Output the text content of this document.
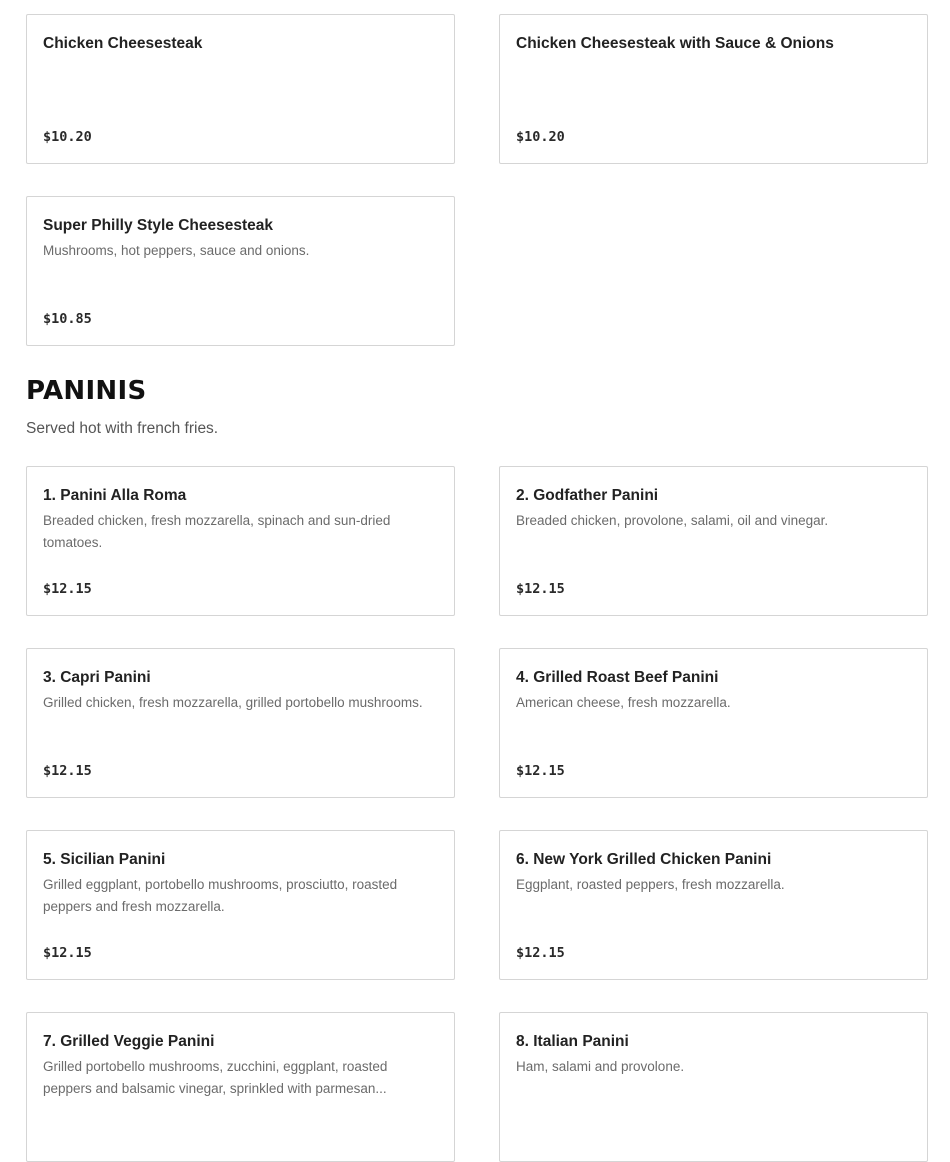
Chicken Cheesesteak
$10.20
Chicken Cheesesteak with Sauce & Onions
$10.20
Super Philly Style Cheesesteak
Mushrooms, hot peppers, sauce and onions.
$10.85
PANINIS

Served hot with french fries.

1. Panini Alla Roma
Breaded chicken, fresh mozzarella, spinach and sun-dried tomatoes.
$12.15
2. Godfather Panini
Breaded chicken, provolone, salami, oil and vinegar.
$12.15
3. Capri Panini
Grilled chicken, fresh mozzarella, grilled portobello mushrooms.
$12.15
4. Grilled Roast Beef Panini
American cheese, fresh mozzarella.
$12.15
5. Sicilian Panini
Grilled eggplant, portobello mushrooms, prosciutto, roasted peppers and fresh mozzarella.
$12.15
6. New York Grilled Chicken Panini
Eggplant, roasted peppers, fresh mozzarella.
$12.15
7. Grilled Veggie Panini
Grilled portobello mushrooms, zucchini, eggplant, roasted peppers and balsamic vinegar, sprinkled with parmesan...
8. Italian Panini
Ham, salami and provolone.
